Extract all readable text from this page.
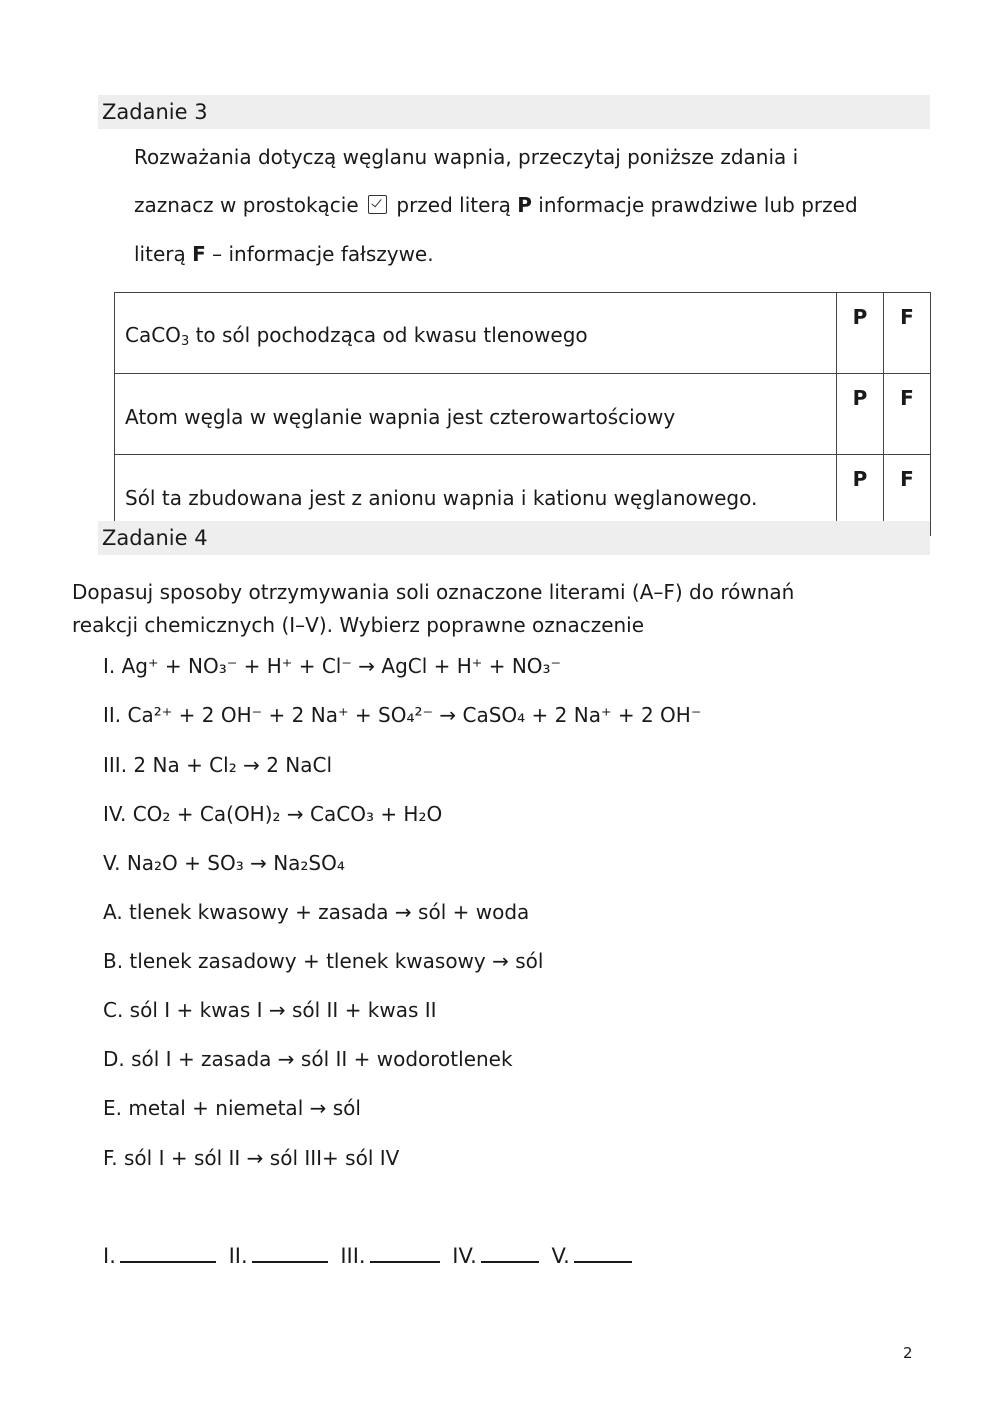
Zadanie 3
Rozważania dotyczą węglanu wapnia, przeczytaj poniższe zdania i
zaznacz w prostokącie przed literą P informacje prawdziwe lub przed
literą F – informacje fałszywe.
CaCO$_3$ to sól pochodząca od kwasu tlenowego	P	F
Atom węgla w węglanie wapnia jest czterowartościowy	P	F
Sól ta zbudowana jest z anionu wapnia i kationu węglanowego.	P	F
Zadanie 4
Dopasuj sposoby otrzymywania soli oznaczone literami (A–F) do równań
reakcji chemicznych (I–V). Wybierz poprawne oznaczenie
I. Ag⁺ + NO₃⁻ + H⁺ + Cl⁻ → AgCl + H⁺ + NO₃⁻
II. Ca²⁺ + 2 OH⁻ + 2 Na⁺ + SO₄²⁻ → CaSO₄ + 2 Na⁺ + 2 OH⁻
III. 2 Na + Cl₂ → 2 NaCl
IV. CO₂ + Ca(OH)₂ → CaCO₃ + H₂O
V. Na₂O + SO₃ → Na₂SO₄
A. tlenek kwasowy + zasada → sól + woda
B. tlenek zasadowy + tlenek kwasowy → sól
C. sól I + kwas I → sól II + kwas II
D. sól I + zasada → sól II + wodorotlenek
E. metal + niemetal → sól
F. sól I + sól II → sól III+ sól IV
I.	II.	III.	IV.	V.
2
